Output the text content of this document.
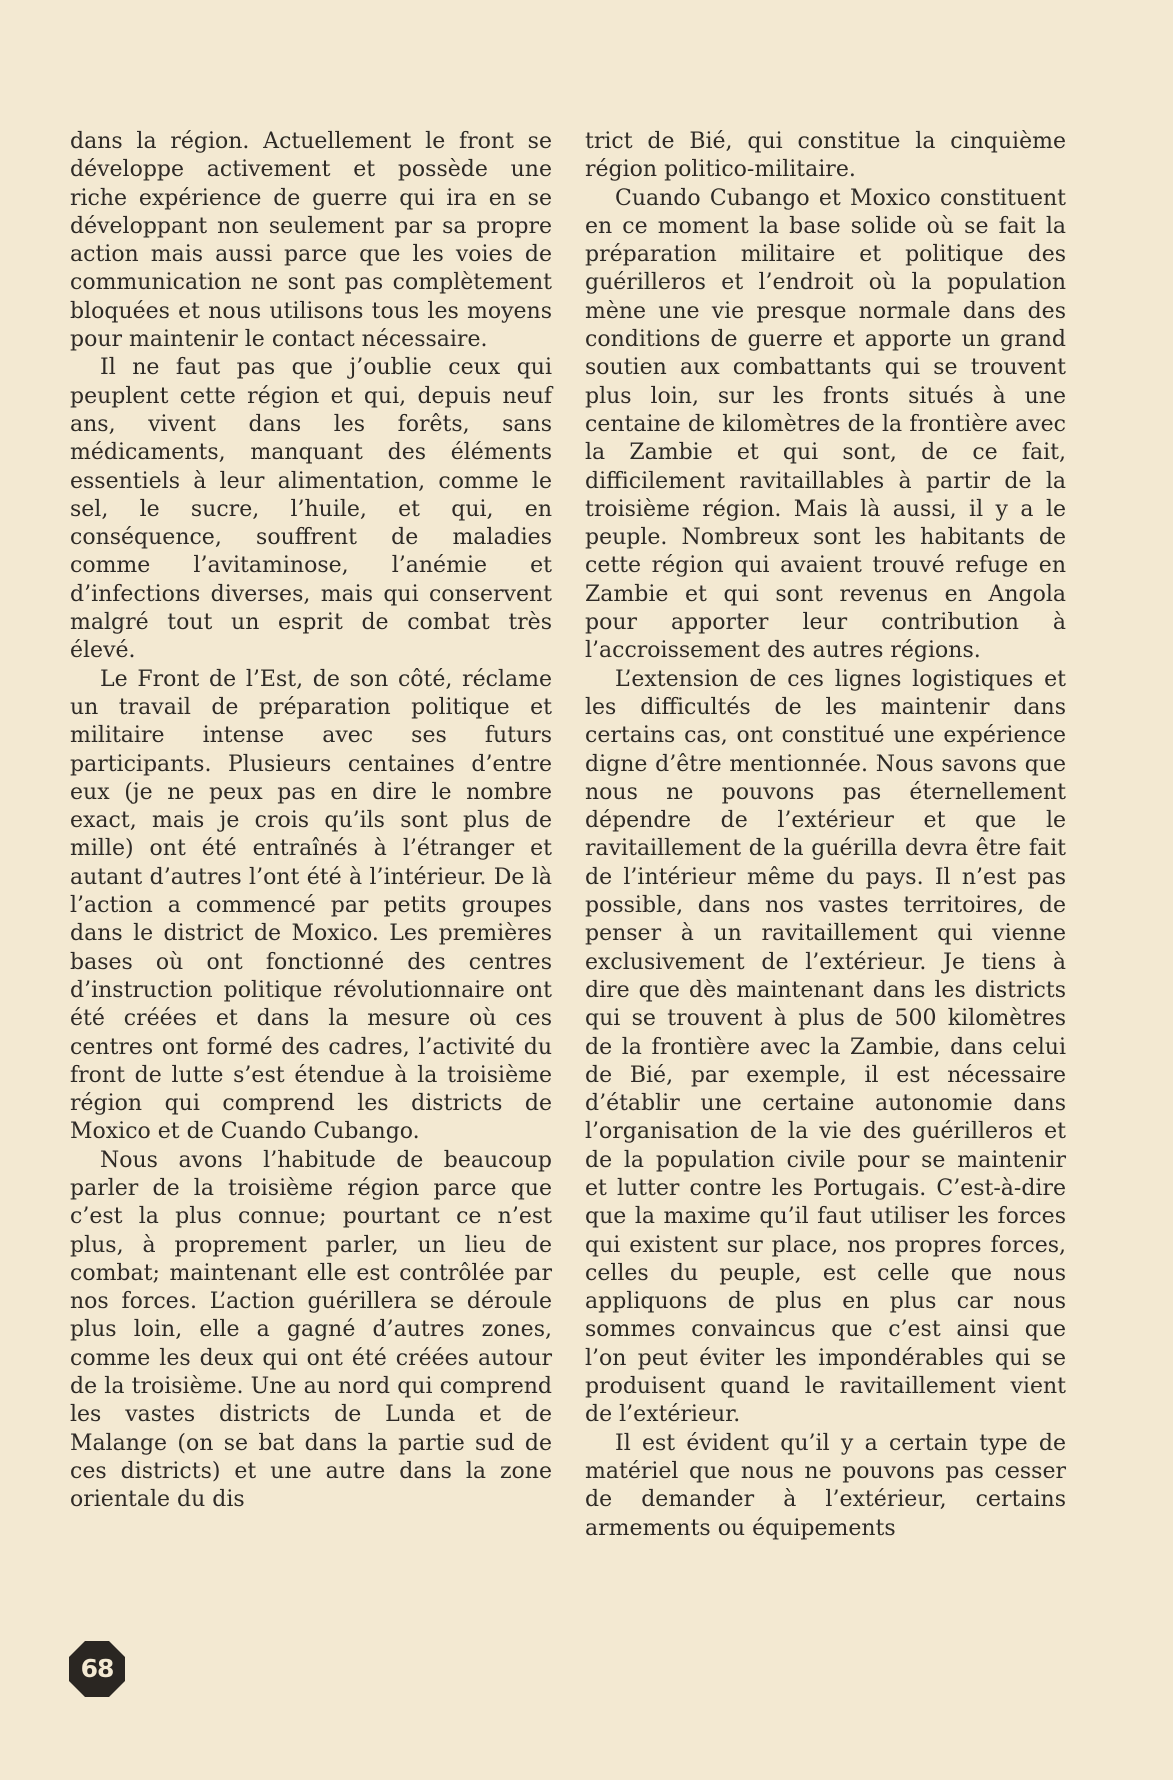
dans la région. Actuellement le front se développe activement et possède une riche expérience de guerre qui ira en se développant non seulement par sa propre action mais aussi parce que les voies de communication ne sont pas complètement bloquées et nous utilisons tous les moyens pour maintenir le contact nécessaire.

Il ne faut pas que j’oublie ceux qui peuplent cette région et qui, depuis neuf ans, vivent dans les forêts, sans médicaments, manquant des éléments essentiels à leur alimentation, comme le sel, le sucre, l’huile, et qui, en conséquence, souffrent de maladies comme l’avitaminose, l’anémie et d’infections diverses, mais qui conservent malgré tout un esprit de combat très élevé.

Le Front de l’Est, de son côté, réclame un travail de préparation politique et militaire intense avec ses futurs participants. Plusieurs centaines d’entre eux (je ne peux pas en dire le nombre exact, mais je crois qu’ils sont plus de mille) ont été entraînés à l’étranger et autant d’autres l’ont été à l’intérieur. De là l’action a commencé par petits groupes dans le district de Moxico. Les premières bases où ont fonctionné des centres d’instruction politique révolutionnaire ont été créées et dans la mesure où ces centres ont formé des cadres, l’activité du front de lutte s’est étendue à la troisième région qui comprend les districts de Moxico et de Cuando Cubango.

Nous avons l’habitude de beaucoup parler de la troisième région parce que c’est la plus connue; pourtant ce n’est plus, à proprement parler, un lieu de combat; maintenant elle est contrôlée par nos forces. L’action guérillera se déroule plus loin, elle a gagné d’autres zones, comme les deux qui ont été créées autour de la troisième. Une au nord qui comprend les vastes districts de Lunda et de Malange (on se bat dans la partie sud de ces districts) et une autre dans la zone orientale du dis

trict de Bié, qui constitue la cinquième région politico-militaire.

Cuando Cubango et Moxico constituent en ce moment la base solide où se fait la préparation militaire et politique des guérilleros et l’endroit où la population mène une vie presque normale dans des conditions de guerre et apporte un grand soutien aux combattants qui se trouvent plus loin, sur les fronts situés à une centaine de kilomètres de la frontière avec la Zambie et qui sont, de ce fait, difficilement ravitaillables à partir de la troisième région. Mais là aussi, il y a le peuple. Nombreux sont les habitants de cette région qui avaient trouvé refuge en Zambie et qui sont revenus en Angola pour apporter leur contribution à l’accroissement des autres régions.

L’extension de ces lignes logistiques et les difficultés de les maintenir dans certains cas, ont constitué une expérience digne d’être mentionnée. Nous savons que nous ne pouvons pas éternellement dépendre de l’extérieur et que le ravitaillement de la guérilla devra être fait de l’intérieur même du pays. Il n’est pas possible, dans nos vastes territoires, de penser à un ravitaillement qui vienne exclusivement de l’extérieur. Je tiens à dire que dès maintenant dans les districts qui se trouvent à plus de 500 kilomètres de la frontière avec la Zambie, dans celui de Bié, par exemple, il est nécessaire d’établir une certaine autonomie dans l’organisation de la vie des guérilleros et de la population civile pour se maintenir et lutter contre les Portugais. C’est-à-dire que la maxime qu’il faut utiliser les forces qui existent sur place, nos propres forces, celles du peuple, est celle que nous appliquons de plus en plus car nous sommes convaincus que c’est ainsi que l’on peut éviter les impondérables qui se produisent quand le ravitaillement vient de l’extérieur.

Il est évident qu’il y a certain type de matériel que nous ne pouvons pas cesser de demander à l’extérieur, certains armements ou équipements

68
